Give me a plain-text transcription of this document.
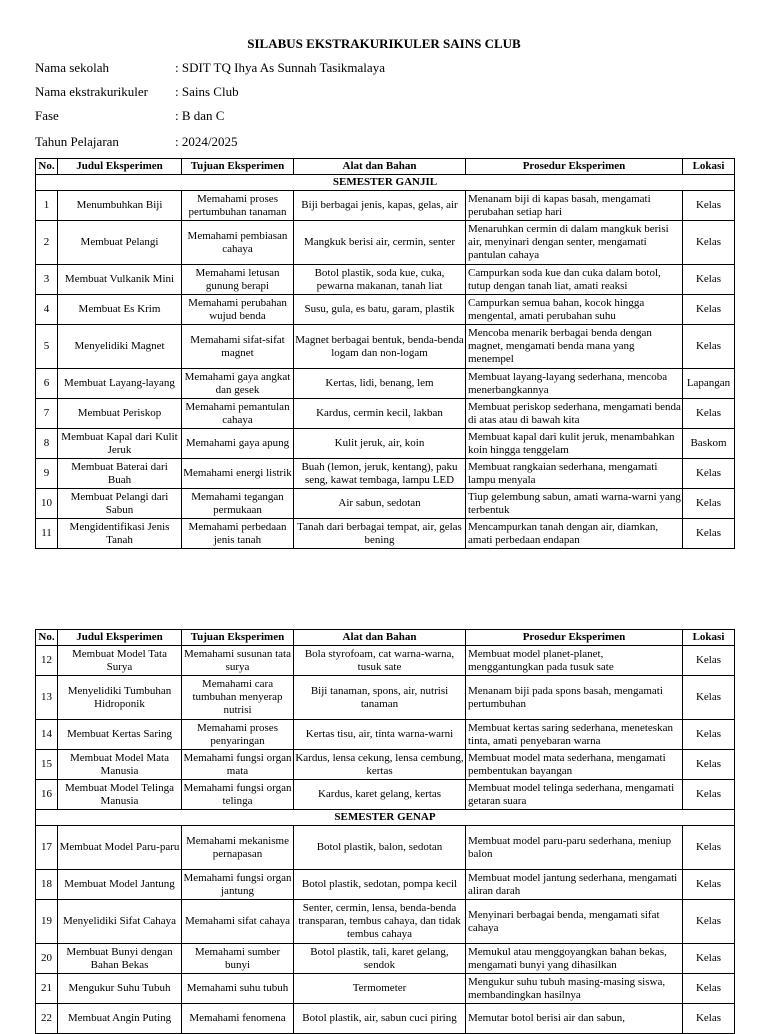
SILABUS EKSTRAKURIKULER SAINS CLUB
Nama sekolah	: SDIT TQ Ihya As Sunnah Tasikmalaya
Nama ekstrakurikuler : Sains Club
Fase	: B dan C
Tahun Pelajaran	: 2024/2025
No.	Judul Eksperimen	Tujuan Eksperimen	Alat dan Bahan	Prosedur Eksperimen	Lokasi
SEMESTER GANJIL					
1	Menumbuhkan Biji	Memahami proses pertumbuhan tanaman	Biji berbagai jenis, kapas, gelas, air	Menanam biji di kapas basah, mengamati perubahan setiap hari	Kelas
2	Membuat Pelangi	Memahami pembiasan cahaya	Mangkuk berisi air, cermin, senter	Menaruhkan cermin di dalam mangkuk berisi air, menyinari dengan senter, mengamati pantulan cahaya	Kelas
3	Membuat Vulkanik Mini	Memahami letusan gunung berapi	Botol plastik, soda kue, cuka, pewarna makanan, tanah liat	Campurkan soda kue dan cuka dalam botol, tutup dengan tanah liat, amati reaksi	Kelas
4	Membuat Es Krim	Memahami perubahan wujud benda	Susu, gula, es batu, garam, plastik	Campurkan semua bahan, kocok hingga mengental, amati perubahan suhu	Kelas
5	Menyelidiki Magnet	Memahami sifat-sifat magnet	Magnet berbagai bentuk, benda-benda logam dan non-logam	Mencoba menarik berbagai benda dengan magnet, mengamati benda mana yang menempel	Kelas
6	Membuat Layang-layang	Memahami gaya angkat dan gesek	Kertas, lidi, benang, lem	Membuat layang-layang sederhana, mencoba menerbangkannya	Lapangan
7	Membuat Periskop	Memahami pemantulan cahaya	Kardus, cermin kecil, lakban	Membuat periskop sederhana, mengamati benda di atas atau di bawah kita	Kelas
8	Membuat Kapal dari Kulit Jeruk	Memahami gaya apung	Kulit jeruk, air, koin	Membuat kapal dari kulit jeruk, menambahkan koin hingga tenggelam	Baskom
9	Membuat Baterai dari Buah	Memahami energi listrik	Buah (lemon, jeruk, kentang), paku seng, kawat tembaga, lampu LED	Membuat rangkaian sederhana, mengamati lampu menyala	Kelas
10	Membuat Pelangi dari Sabun	Memahami tegangan permukaan	Air sabun, sedotan	Tiup gelembung sabun, amati warna-warni yang terbentuk	Kelas
11	Mengidentifikasi Jenis Tanah	Memahami perbedaan jenis tanah	Tanah dari berbagai tempat, air, gelas bening	Mencampurkan tanah dengan air, diamkan, amati perbedaan endapan	Kelas
No.	Judul Eksperimen	Tujuan Eksperimen	Alat dan Bahan	Prosedur Eksperimen	Lokasi
12	Membuat Model Tata Surya	Memahami susunan tata surya	Bola styrofoam, cat warna-warna, tusuk sate	Membuat model planet-planet, menggantungkan pada tusuk sate	Kelas
13	Menyelidiki Tumbuhan Hidroponik	Memahami cara tumbuhan menyerap nutrisi	Biji tanaman, spons, air, nutrisi tanaman	Menanam biji pada spons basah, mengamati pertumbuhan	Kelas
14	Membuat Kertas Saring	Memahami proses penyaringan	Kertas tisu, air, tinta warna-warni	Membuat kertas saring sederhana, meneteskan tinta, amati penyebaran warna	Kelas
15	Membuat Model Mata Manusia	Memahami fungsi organ mata	Kardus, lensa cekung, lensa cembung, kertas	Membuat model mata sederhana, mengamati pembentukan bayangan	Kelas
16	Membuat Model Telinga Manusia	Memahami fungsi organ telinga	Kardus, karet gelang, kertas	Membuat model telinga sederhana, mengamati getaran suara	Kelas
SEMESTER GENAP					
17	Membuat Model Paru-paru	Memahami mekanisme pernapasan	Botol plastik, balon, sedotan	Membuat model paru-paru sederhana, meniup balon	Kelas
18	Membuat Model Jantung	Memahami fungsi organ jantung	Botol plastik, sedotan, pompa kecil	Membuat model jantung sederhana, mengamati aliran darah	Kelas
19	Menyelidiki Sifat Cahaya	Memahami sifat cahaya	Senter, cermin, lensa, benda-benda transparan, tembus cahaya, dan tidak tembus cahaya	Menyinari berbagai benda, mengamati sifat cahaya	Kelas
20	Membuat Bunyi dengan Bahan Bekas	Memahami sumber bunyi	Botol plastik, tali, karet gelang, sendok	Memukul atau menggoyangkan bahan bekas, mengamati bunyi yang dihasilkan	Kelas
21	Mengukur Suhu Tubuh	Memahami suhu tubuh	Termometer	Mengukur suhu tubuh masing-masing siswa, membandingkan hasilnya	Kelas
22	Membuat Angin Puting	Memahami fenomena	Botol plastik, air, sabun cuci piring	Memutar botol berisi air dan sabun,	Kelas
